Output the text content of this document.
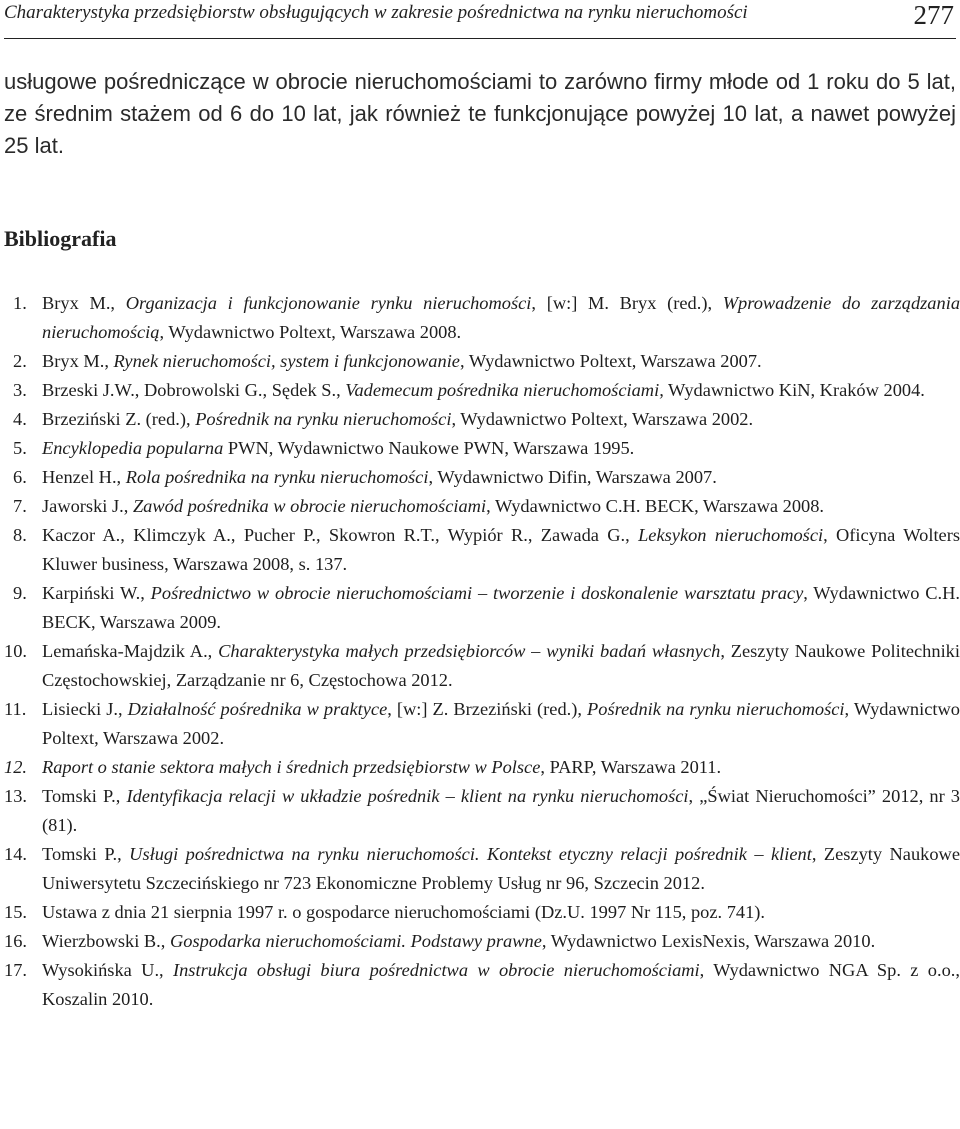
Charakterystyka przedsiębiorstw obsługujących w zakresie pośrednictwa na rynku nieruchomości	277

usługowe pośredniczące w obrocie nieruchomościami to zarówno firmy młode od 1 roku do 5 lat, ze średnim stażem od 6 do 10 lat, jak również te funkcjonujące powyżej 10 lat, a nawet powyżej 25 lat.

Bibliografia
1. Bryx M., Organizacja i funkcjonowanie rynku nieruchomości, [w:] M. Bryx (red.), Wprowadzenie do zarządzania nieruchomością, Wydawnictwo Poltext, Warszawa 2008.
2. Bryx M., Rynek nieruchomości, system i funkcjonowanie, Wydawnictwo Poltext, Warszawa 2007.
3. Brzeski J.W., Dobrowolski G., Sędek S., Vademecum pośrednika nieruchomościami, Wydawnictwo KiN, Kraków 2004.
4. Brzeziński Z. (red.), Pośrednik na rynku nieruchomości, Wydawnictwo Poltext, Warszawa 2002.
5. Encyklopedia popularna PWN, Wydawnictwo Naukowe PWN, Warszawa 1995.
6. Henzel H., Rola pośrednika na rynku nieruchomości, Wydawnictwo Difin, Warszawa 2007.
7. Jaworski J., Zawód pośrednika w obrocie nieruchomościami, Wydawnictwo C.H. BECK, Warszawa 2008.
8. Kaczor A., Klimczyk A., Pucher P., Skowron R.T., Wypiór R., Zawada G., Leksykon nieruchomości, Oficyna Wolters Kluwer business, Warszawa 2008, s. 137.
9. Karpiński W., Pośrednictwo w obrocie nieruchomościami – tworzenie i doskonalenie warsztatu pracy, Wydawnictwo C.H. BECK, Warszawa 2009.
10. Lemańska-Majdzik A., Charakterystyka małych przedsiębiorców – wyniki badań własnych, Zeszyty Naukowe Politechniki Częstochowskiej, Zarządzanie nr 6, Częstochowa 2012.
11. Lisiecki J., Działalność pośrednika w praktyce, [w:] Z. Brzeziński (red.), Pośrednik na rynku nieruchomości, Wydawnictwo Poltext, Warszawa 2002.
12. Raport o stanie sektora małych i średnich przedsiębiorstw w Polsce, PARP, Warszawa 2011.
13. Tomski P., Identyfikacja relacji w układzie pośrednik – klient na rynku nieruchomości, „Świat Nieruchomości” 2012, nr 3 (81).
14. Tomski P., Usługi pośrednictwa na rynku nieruchomości. Kontekst etyczny relacji pośrednik – klient, Zeszyty Naukowe Uniwersytetu Szczecińskiego nr 723 Ekonomiczne Problemy Usług nr 96, Szczecin 2012.
15. Ustawa z dnia 21 sierpnia 1997 r. o gospodarce nieruchomościami (Dz.U. 1997 Nr 115, poz. 741).
16. Wierzbowski B., Gospodarka nieruchomościami. Podstawy prawne, Wydawnictwo LexisNexis, Warszawa 2010.
17. Wysokińska U., Instrukcja obsługi biura pośrednictwa w obrocie nieruchomościami, Wydawnictwo NGA Sp. z o.o., Koszalin 2010.
